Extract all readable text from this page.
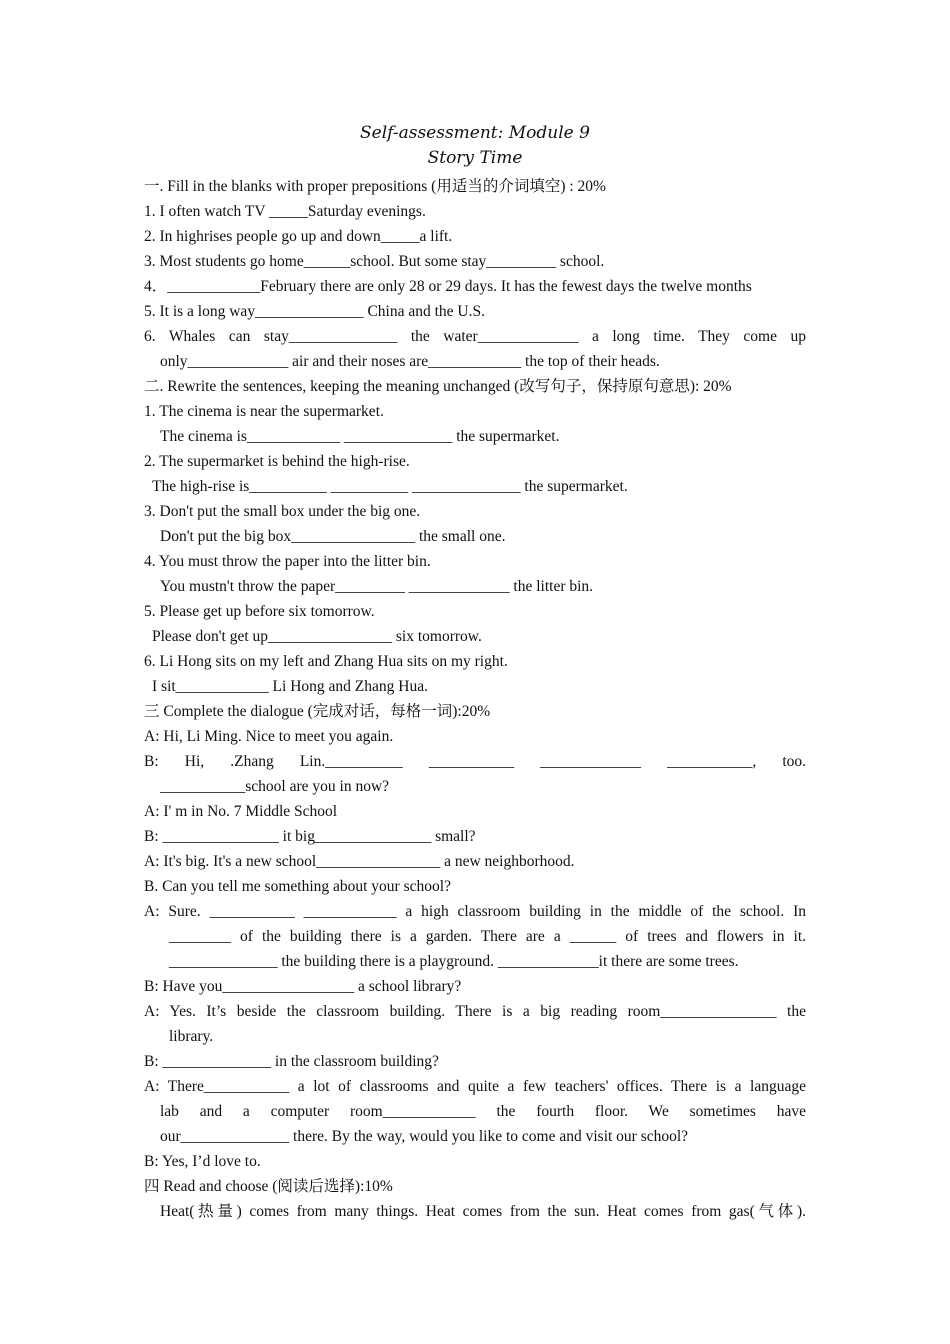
Self-assessment: Module 9
Story Time
一. Fill in the blanks with proper prepositions (用适当的介词填空) : 20%
1. I often watch TV _____Saturday evenings.
2. In highrises people go up and down_____a lift.
3. Most students go home______school. But some stay_________ school.
4．____________February there are only 28 or 29 days. It has the fewest days the twelve months
5. It is a long way______________ China and the U.S.
6. Whales can stay______________ the water_____________ a long time. They come up
only_____________ air and their noses are____________ the top of their heads.
二. Rewrite the sentences, keeping the meaning unchanged (改写句子，保持原句意思): 20%
1. The cinema is near the supermarket.
The cinema is____________ ______________ the supermarket.
2. The supermarket is behind the high-rise.
The high-rise is__________ __________ ______________ the supermarket.
3. Don't put the small box under the big one.
Don't put the big box________________ the small one.
4. You must throw the paper into the litter bin.
You mustn't throw the paper_________ _____________ the litter bin.
5. Please get up before six tomorrow.
Please don't get up________________ six tomorrow.
6. Li Hong sits on my left and Zhang Hua sits on my right.
I sit____________ Li Hong and Zhang Hua.
三 Complete the dialogue (完成对话，每格一词):20%
A: Hi, Li Ming. Nice to meet you again.
B: Hi, .Zhang Lin.__________ ___________ _____________ ___________, too.
___________school are you in now?
A: I' m in No. 7 Middle School
B: _______________ it big_______________ small?
A: It's big. It's a new school________________ a new neighborhood.
B. Can you tell me something about your school?
A: Sure. ___________ ____________ a high classroom building in the middle of the school. In
________ of the building there is a garden. There are a ______ of trees and flowers in it.
______________ the building there is a playground. _____________it there are some trees.
B: Have you_________________ a school library?
A: Yes. It’s beside the classroom building. There is a big reading room_______________ the
library.
B: ______________ in the classroom building?
A: There___________ a lot of classrooms and quite a few teachers' offices. There is a language
lab and a computer room____________ the fourth floor. We sometimes have
our______________ there. By the way, would you like to come and visit our school?
B: Yes, I’d love to.
四 Read and choose (阅读后选择):10%
Heat(热量) comes from many things. Heat comes from the sun. Heat comes from gas(气体).
